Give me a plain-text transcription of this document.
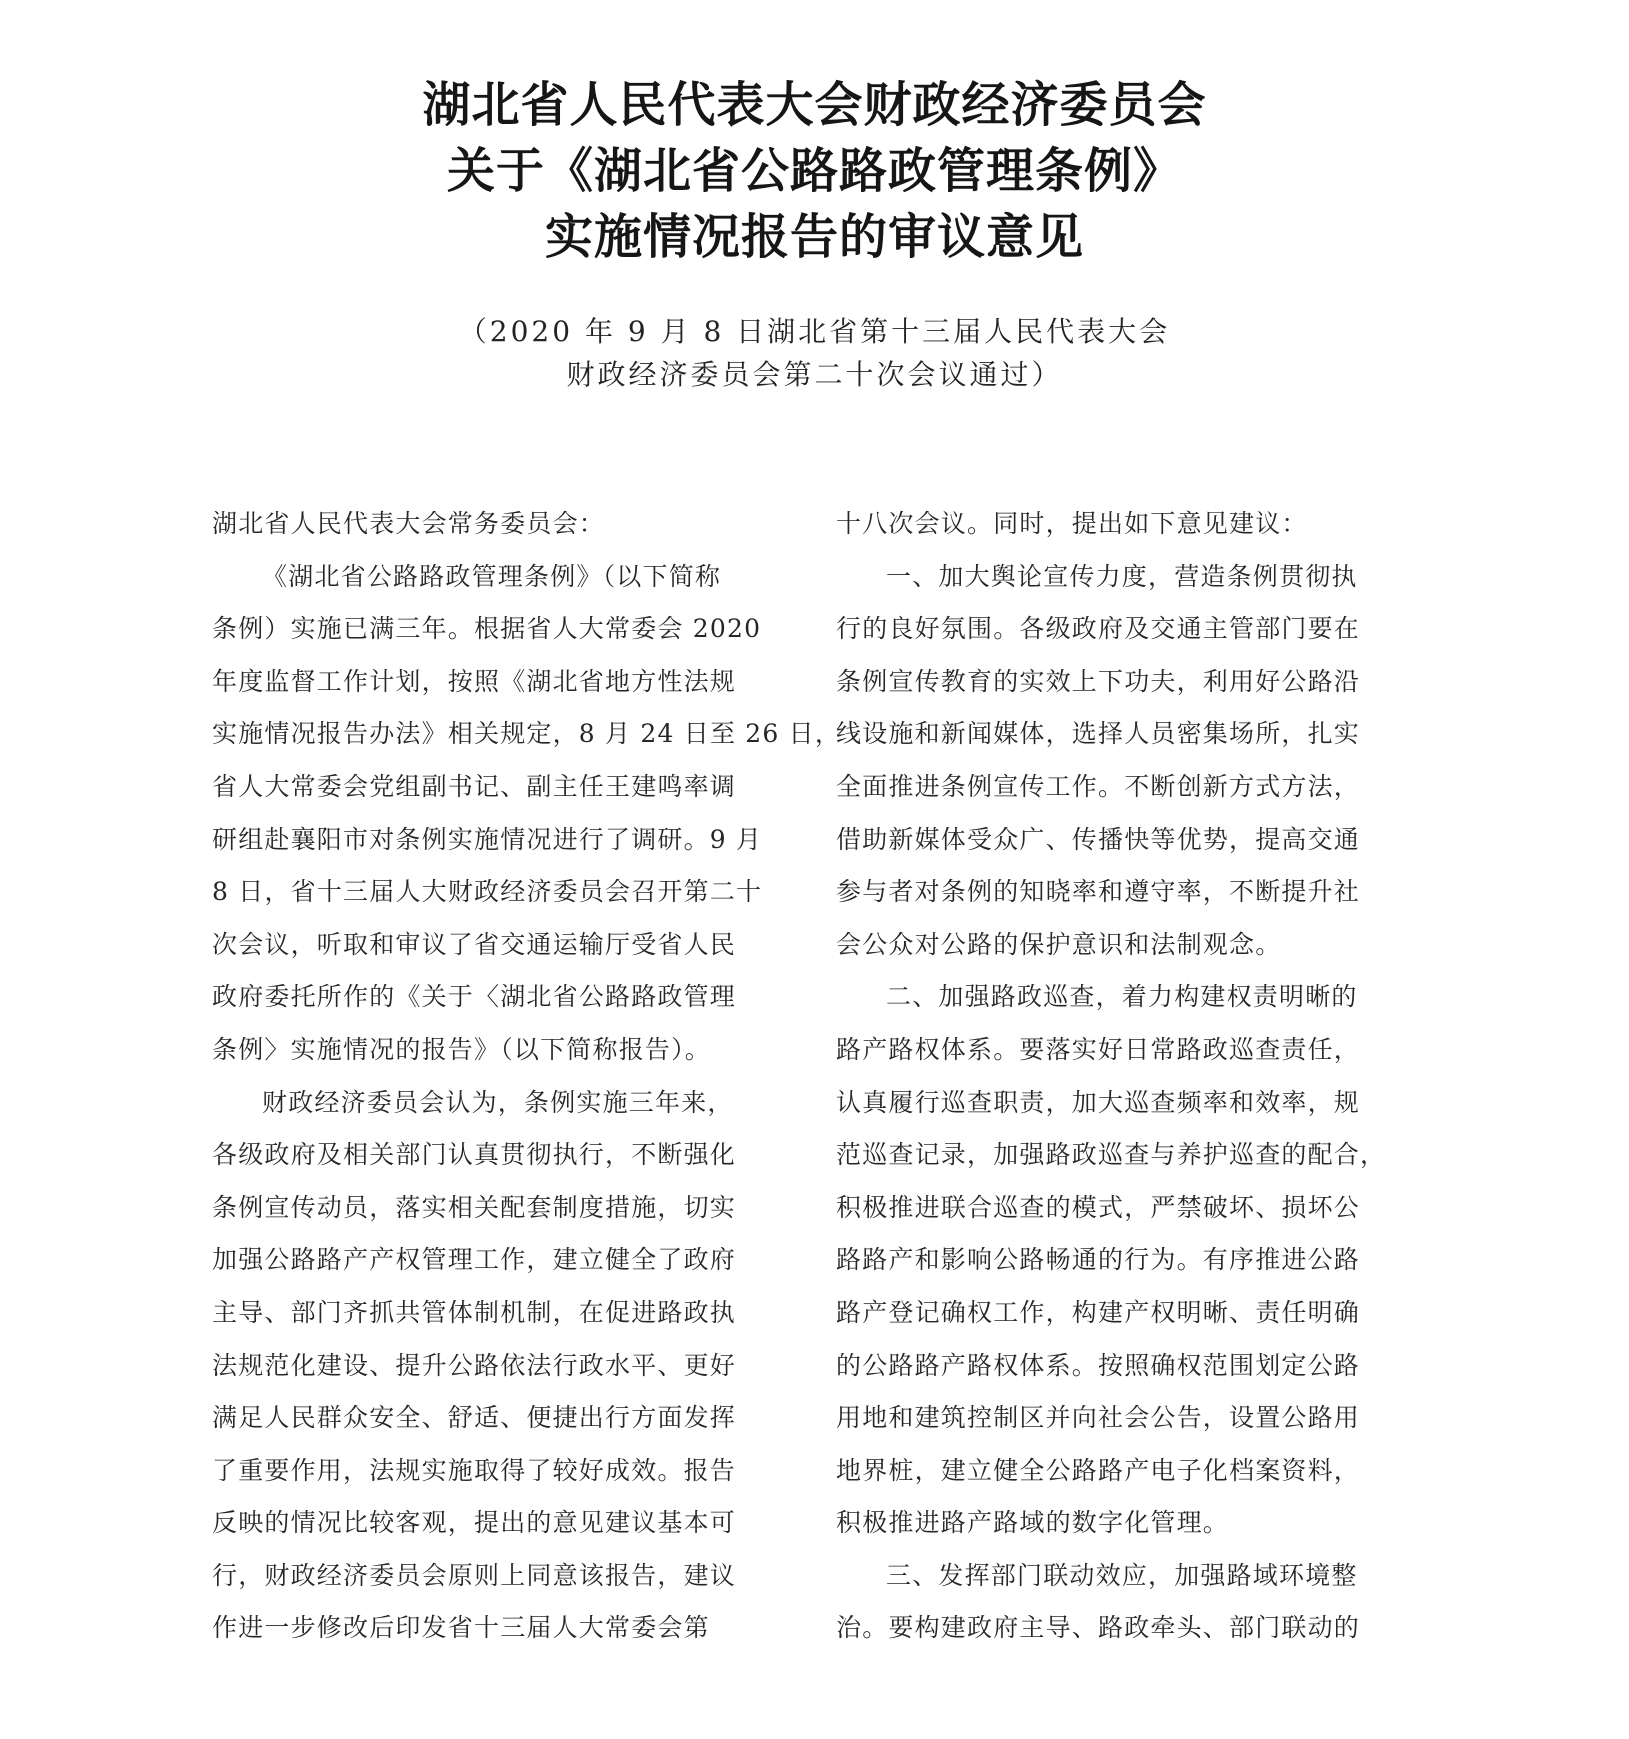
湖北省人民代表大会财政经济委员会
关于《湖北省公路路政管理条例》
实施情况报告的审议意见
（2020 年 9 月 8 日湖北省第十三届人民代表大会
财政经济委员会第二十次会议通过）
湖北省人民代表大会常务委员会：
《湖北省公路路政管理条例》（以下简称
条例）实施已满三年。根据省人大常委会 2020
年度监督工作计划，按照《湖北省地方性法规
实施情况报告办法》相关规定，8 月 24 日至 26 日，
省人大常委会党组副书记、副主任王建鸣率调
研组赴襄阳市对条例实施情况进行了调研。9 月
8 日，省十三届人大财政经济委员会召开第二十
次会议，听取和审议了省交通运输厅受省人民
政府委托所作的《关于〈湖北省公路路政管理
条例〉实施情况的报告》（以下简称报告）。
财政经济委员会认为，条例实施三年来，
各级政府及相关部门认真贯彻执行，不断强化
条例宣传动员，落实相关配套制度措施，切实
加强公路路产产权管理工作，建立健全了政府
主导、部门齐抓共管体制机制，在促进路政执
法规范化建设、提升公路依法行政水平、更好
满足人民群众安全、舒适、便捷出行方面发挥
了重要作用，法规实施取得了较好成效。报告
反映的情况比较客观，提出的意见建议基本可
行，财政经济委员会原则上同意该报告，建议
作进一步修改后印发省十三届人大常委会第
十八次会议。同时，提出如下意见建议：
一、加大舆论宣传力度，营造条例贯彻执
行的良好氛围。各级政府及交通主管部门要在
条例宣传教育的实效上下功夫，利用好公路沿
线设施和新闻媒体，选择人员密集场所，扎实
全面推进条例宣传工作。不断创新方式方法，
借助新媒体受众广、传播快等优势，提高交通
参与者对条例的知晓率和遵守率，不断提升社
会公众对公路的保护意识和法制观念。
二、加强路政巡查，着力构建权责明晰的
路产路权体系。要落实好日常路政巡查责任，
认真履行巡查职责，加大巡查频率和效率，规
范巡查记录，加强路政巡查与养护巡查的配合，
积极推进联合巡查的模式，严禁破坏、损坏公
路路产和影响公路畅通的行为。有序推进公路
路产登记确权工作，构建产权明晰、责任明确
的公路路产路权体系。按照确权范围划定公路
用地和建筑控制区并向社会公告，设置公路用
地界桩，建立健全公路路产电子化档案资料，
积极推进路产路域的数字化管理。
三、发挥部门联动效应，加强路域环境整
治。要构建政府主导、路政牵头、部门联动的
